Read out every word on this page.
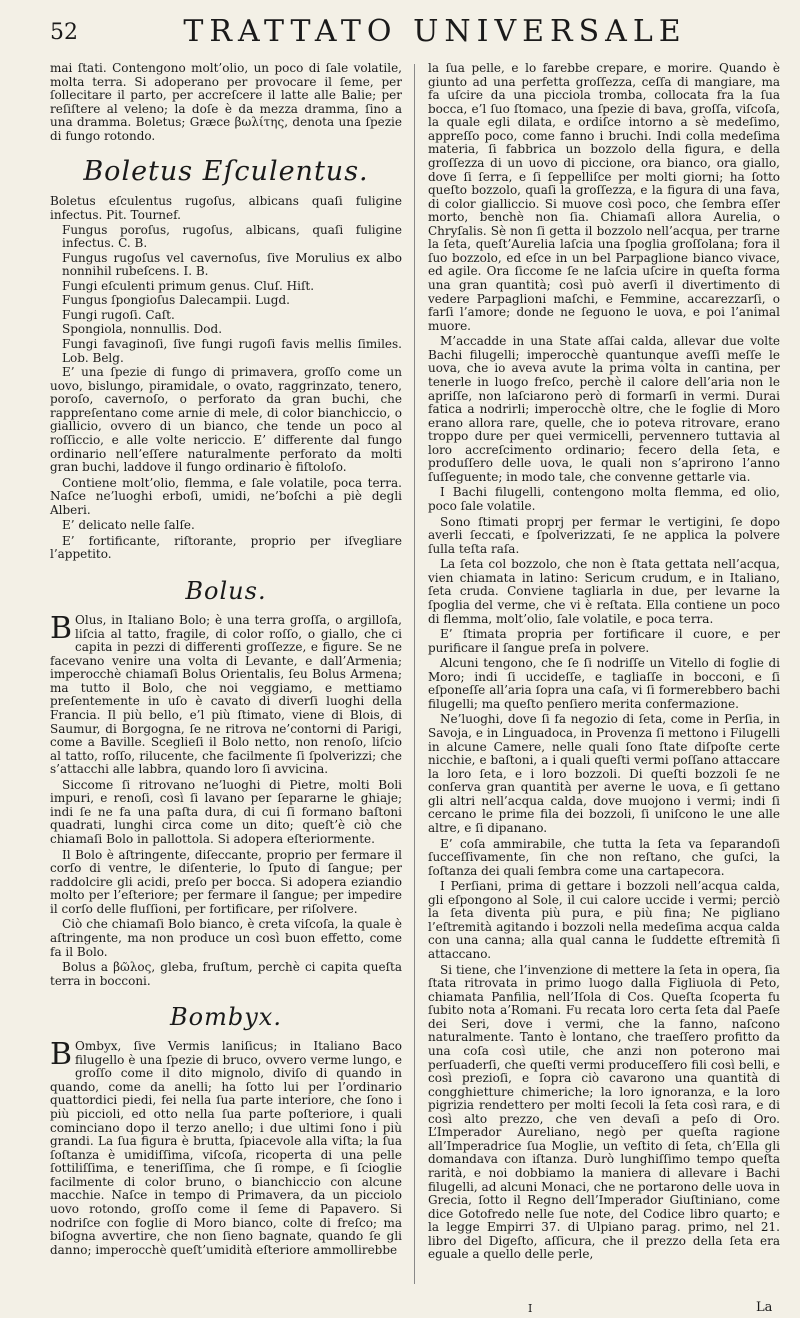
52	TRATTATO UNIVERSALE

mai ſtati. Contengono molt’olio, un poco di ſale volatile, molta terra. Si adoperano per provocare il ſeme, per ſollecitare il parto, per accreſcere il latte alle Balie; per reſiſtere al veleno; la doſe è da mezza dramma, ſino a una dramma. Boletus; Græce βωλίτης, denota una ſpezie di fungo rotondo.

Boletus Eſculentus.

Boletus eſculentus rugoſus, albicans quaſi fuligine infectus. Pit. Tournef.

Fungus poroſus, rugoſus, albicans, quaſi fuligine infectus. C. B.

Fungus rugoſus vel cavernoſus, ſive Morulius ex albo nonnihil rubeſcens. I. B.

Fungi eſculenti primum genus. Cluſ. Hiſt.

Fungus ſpongioſus Dalecampii. Lugd.

Fungi rugoſi. Caſt.

Spongiola, nonnullis. Dod.

Fungi favaginoſi, ſive fungi rugoſi favis mellis ſimiles. Lob. Belg.

E’ una ſpezie di fungo di primavera, groſſo come un uovo, bislungo, piramidale, o ovato, raggrinzato, tenero, poroſo, cavernoſo, o perforato da gran buchi, che rappreſentano come arnie di mele, di color bianchiccio, o giallicio, ovvero di un bianco, che tende un poco al roſſiccio, e alle volte nericcio. E’ differente dal fungo ordinario nell’eſſere naturalmente perforato da molti gran buchi, laddove il fungo ordinario è fiſtoloſo.

Contiene molt’olio, flemma, e ſale volatile, poca terra. Naſce ne’luoghi erboſi, umidi, ne’boſchi a piè degli Alberi.

E’ delicato nelle ſalſe.

E’ fortificante, riſtorante, proprio per iſvegliare l’appetito.

Bolus.

B Olus, in Italiano Bolo; è una terra groſſa, o argilloſa, liſcia al tatto, fragile, di color roſſo, o giallo, che ci capita in pezzi di differenti groſſezze, e figure. Se ne facevano venire una volta di Levante, e dall’Armenia; imperocchè chiamaſi Bolus Orientalis, ſeu Bolus Armena; ma tutto il Bolo, che noi veggiamo, e mettiamo preſentemente in uſo è cavato di diverſi luoghi della Francia. Il più bello, e’l più ſtimato, viene di Blois, di Saumur, di Borgogna, ſe ne ritrova ne’contorni di Parigi, come a Baville. Sceglieſi il Bolo netto, non renoſo, liſcio al tatto, roſſo, rilucente, che facilmente ſi ſpolverizzi; che s’attacchi alle labbra, quando loro ſi avvicina.

Siccome ſi ritrovano ne’luoghi di Pietre, molti Boli impuri, e renoſi, così ſi lavano per ſepararne le ghiaje; indi ſe ne fa una paſta dura, di cui ſi formano baſtoni quadrati, lunghi circa come un dito; queſt’è ciò che chiamaſi Bolo in pallottola. Si adopera eſteriormente.

Il Bolo è aſtringente, diſeccante, proprio per fermare il corſo di ventre, le diſenterie, lo ſputo di ſangue; per raddolcire gli acidi, preſo per bocca. Si adopera eziandio molto per l’eſteriore; per fermare il ſangue; per impedire il corſo delle fluſſioni, per fortificare, per riſolvere.

Ciò che chiamaſi Bolo bianco, è creta viſcoſa, la quale è aſtringente, ma non produce un così buon effetto, come fa il Bolo.

Bolus a βῶλος, gleba, fruſtum, perchè ci capita queſta terra in bocconi.

Bombyx.

B Ombyx, ſive Vermis laniſicus; in Italiano Baco filugello è una ſpezie di bruco, ovvero verme lungo, e groſſo come il dito mignolo, diviſo di quando in quando, come da anelli; ha ſotto lui per l’ordinario quattordici piedi, fei nella ſua parte interiore, che ſono i più piccioli, ed otto nella ſua parte poſteriore, i quali cominciano dopo il terzo anello; i due ultimi ſono i più grandi. La ſua figura è brutta, ſpiacevole alla viſta; la ſua ſoſtanza è umidiſſima, viſcoſa, ricoperta di una pelle ſottiliſſima, e teneriſſima, che ſi rompe, e ſi ſcioglie facilmente di color bruno, o bianchiccio con alcune macchie. Naſce in tempo di Primavera, da un picciolo uovo rotondo, groſſo come il ſeme di Papavero. Si nodriſce con foglie di Moro bianco, colte di freſco; ma biſogna avvertire, che non ſieno bagnate, quando ſe gli danno; imperocchè queſt’umidità eſteriore ammollirebbe

la ſua pelle, e lo farebbe crepare, e morire. Quando è giunto ad una perfetta groſſezza, ceſſa di mangiare, ma fa uſcire da una picciola tromba, collocata fra la ſua bocca, e’l ſuo ſtomaco, una ſpezie di bava, groſſa, viſcoſa, la quale egli dilata, e ordiſce intorno a sè medeſimo, appreſſo poco, come fanno i bruchi. Indi colla medeſima materia, ſi fabbrica un bozzolo della figura, e della groſſezza di un uovo di piccione, ora bianco, ora giallo, dove ſi ſerra, e ſi ſeppelliſce per molti giorni; ha ſotto queſto bozzolo, quaſi la groſſezza, e la figura di una fava, di color gialliccio. Si muove così poco, che ſembra eſſer morto, benchè non ſia. Chiamaſi allora Aurelia, o Chryſalis. Sè non ſi getta il bozzolo nell’acqua, per trarne la ſeta, queſt’Aurelia laſcia una ſpoglia groſſolana; fora il ſuo bozzolo, ed eſce in un bel Parpaglione bianco vivace, ed agile. Ora ſiccome ſe ne laſcia uſcire in queſta forma una gran quantità; così può averſi il divertimento di vedere Parpaglioni maſchi, e Femmine, accarezzarſi, o farſi l’amore; donde ne ſeguono le uova, e poi l’animal muore.

M’accadde in una State aſſai calda, allevar due volte Bachi filugelli; imperocchè quantunque aveſſi meſſe le uova, che io aveva avute la prima volta in cantina, per tenerle in luogo freſco, perchè il calore dell’aria non le apriſſe, non laſciarono però di formarſi in vermi. Durai fatica a nodrirli; imperocchè oltre, che le foglie di Moro erano allora rare, quelle, che io poteva ritrovare, erano troppo dure per quei vermicelli, pervennero tuttavia al loro accreſcimento ordinario; fecero della ſeta, e produſſero delle uova, le quali non s’aprirono l’anno ſuſſeguente; in modo tale, che convenne gettarle via.

I Bachi filugelli, contengono molta flemma, ed olio, poco ſale volatile.

Sono ſtimati proprj per fermar le vertigini, ſe dopo averli ſeccati, e ſpolverizzati, ſe ne applica la polvere ſulla teſta raſa.

La ſeta col bozzolo, che non è ſtata gettata nell’acqua, vien chiamata in latino: Sericum crudum, e in Italiano, ſeta cruda. Conviene tagliarla in due, per levarne la ſpoglia del verme, che vi è reſtata. Ella contiene un poco di flemma, molt’olio, ſale volatile, e poca terra.

E’ ſtimata propria per fortificare il cuore, e per purificare il ſangue preſa in polvere.

Alcuni tengono, che ſe ſi nodriſſe un Vitello di foglie di Moro; indi ſi uccideſſe, e tagliaſſe in bocconi, e ſi eſponeſſe all’aria ſopra una caſa, vi ſi formerebbero bachi filugelli; ma queſto penſiero merita confermazione.

Ne’luoghi, dove ſi fa negozio di ſeta, come in Perſia, in Savoja, e in Linguadoca, in Provenza ſi mettono i Filugelli in alcune Camere, nelle quali ſono ſtate diſpoſte certe nicchie, e baſtoni, a i quali queſti vermi poſſano attaccare la loro ſeta, e i loro bozzoli. Di queſti bozzoli ſe ne conſerva gran quantità per averne le uova, e ſi gettano gli altri nell’acqua calda, dove muojono i vermi; indi ſi cercano le prime fila dei bozzoli, ſi uniſcono le une alle altre, e ſi dipanano.

E’ coſa ammirabile, che tutta la ſeta va ſeparandoſi ſucceſſivamente, ſin che non reſtano, che guſci, la ſoſtanza dei quali ſembra come una cartapecora.

I Perſiani, prima di gettare i bozzoli nell’acqua calda, gli eſpongono al Sole, il cui calore uccide i vermi; perciò la ſeta diventa più pura, e più fina; Ne pigliano l’eſtremità agitando i bozzoli nella medeſima acqua calda con una canna; alla qual canna le ſuddette eſtremità ſi attaccano.

Si tiene, che l’invenzione di mettere la ſeta in opera, ſia ſtata ritrovata in primo luogo dalla Figliuola di Peto, chiamata Panfilia, nell’Iſola di Cos. Queſta ſcoperta fu ſubito nota a’Romani. Fu recata loro certa ſeta dal Paeſe dei Seri, dove i vermi, che la fanno, naſcono naturalmente. Tanto è lontano, che traeſſero profitto da una coſa così utile, che anzi non poterono mai perſuaderſi, che queſti vermi produceſſero fili così belli, e così prezioſi, e ſopra ciò cavarono una quantità di congghietture chimeriche; la loro ignoranza, e la loro pigrizia rendettero per molti ſecoli la ſeta così rara, e di così alto prezzo, che ven devaſi a peſo di Oro. L’Imperador Aureliano, negò per queſta ragione all’Imperadrice ſua Moglie, un veſtito di ſeta, ch’Ella gli domandava con iſtanza. Durò lunghiſſimo tempo queſta rarità, e noi dobbiamo la maniera di allevare i Bachi filugelli, ad alcuni Monaci, che ne portarono delle uova in Grecia, ſotto il Regno dell’Imperador Giuſtiniano, come dice Gotofredo nelle ſue note, del Codice libro quarto; e la legge Empirri 37. di Ulpiano parag. primo, nel 21. libro del Digeſto, aſſicura, che il prezzo della ſeta era eguale a quello delle perle,

I	La
